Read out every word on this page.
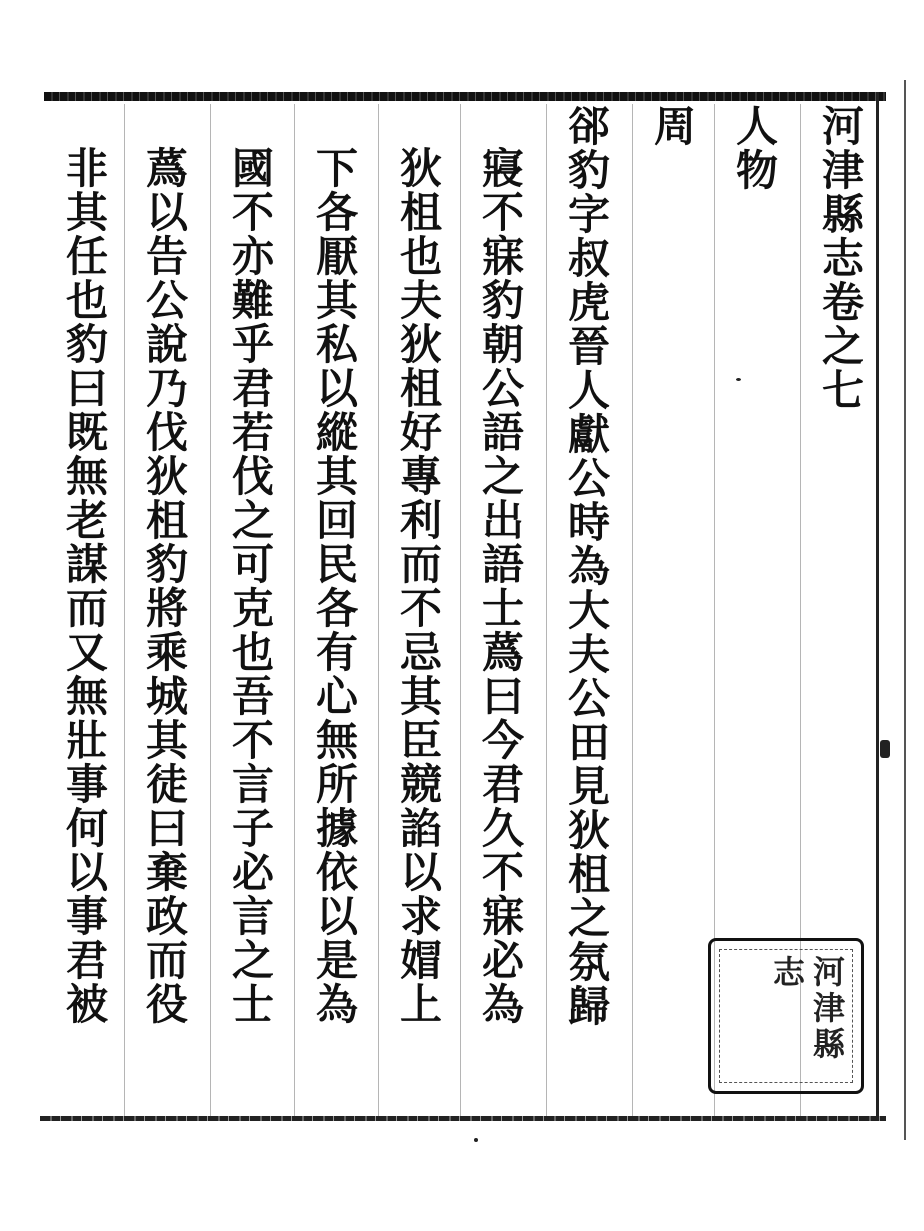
河津縣志卷之七
人物
周
郤豹字叔虎晉人獻公時為大夫公田見狄柤之氛歸
寢不寐豹朝公語之出語士蔿曰今君久不寐必為
狄柤也夫狄柤好專利而不忌其臣競諂以求媢上
下各厭其私以縱其回民各有心無所據依以是為
國不亦難乎君若伐之可克也吾不言子必言之士
蔿以告公說乃伐狄柤豹將乘城其徒曰棄政而役
非其任也豹曰既無老謀而又無壯事何以事君被	河津縣志
